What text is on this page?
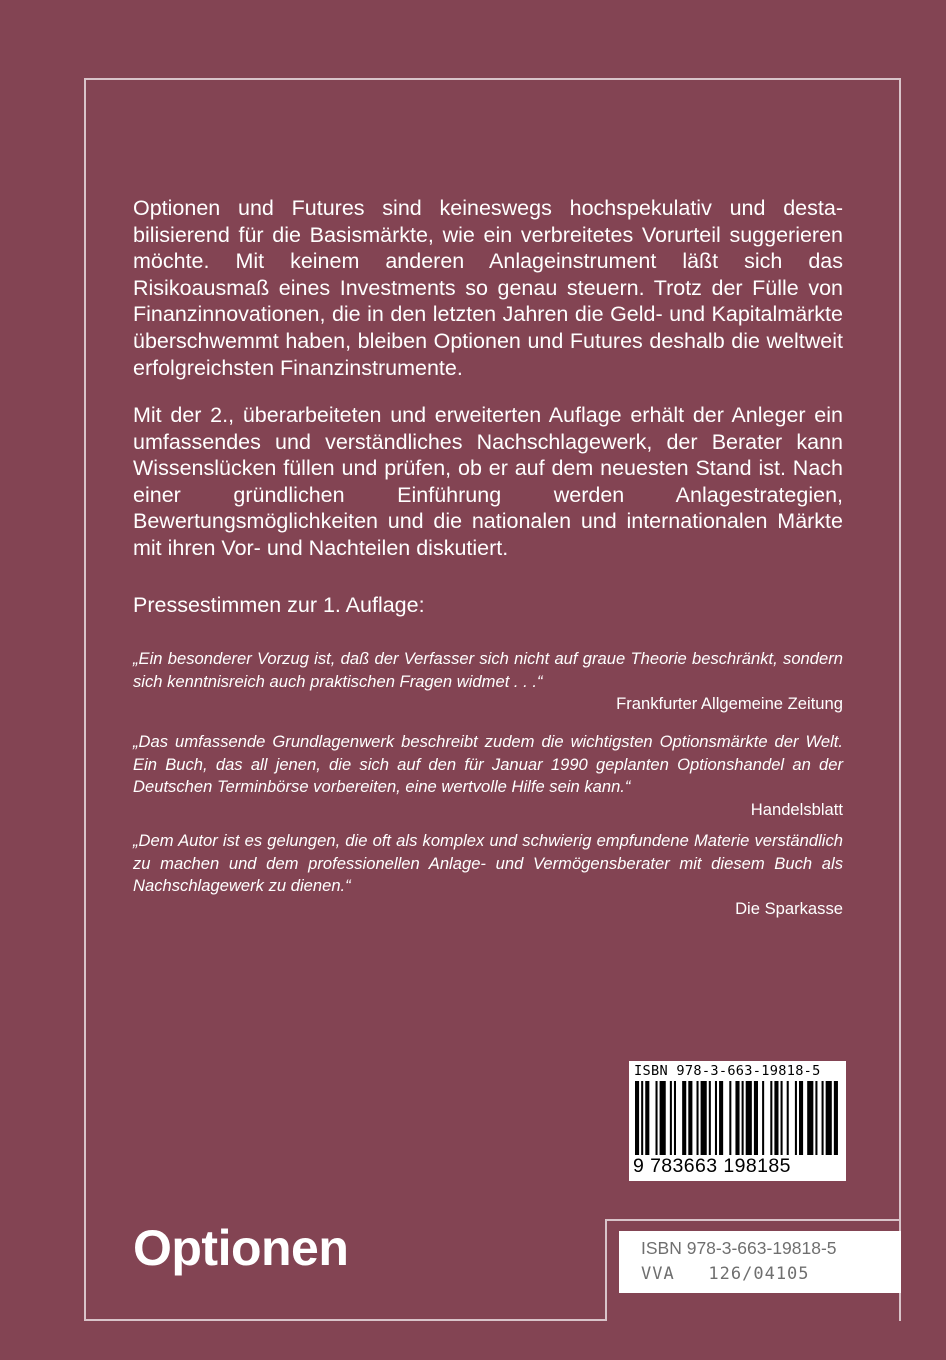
Optionen und Futures sind keineswegs hochspekulativ und destabilisierend für die Basismärkte, wie ein verbreitetes Vorurteil suggerieren möchte. Mit keinem anderen Anlageinstrument läßt sich das Risikoausmaß eines Investments so genau steuern. Trotz der Fülle von Finanzinnovationen, die in den letzten Jahren die Geld- und Kapitalmärkte überschwemmt haben, bleiben Optionen und Futures deshalb die weltweit erfolgreichsten Finanzinstrumente.

Mit der 2., überarbeiteten und erweiterten Auflage erhält der Anleger ein umfassendes und verständliches Nachschlagewerk, der Berater kann Wissenslücken füllen und prüfen, ob er auf dem neuesten Stand ist. Nach einer gründlichen Einführung werden Anlagestrategien, Bewertungsmöglichkeiten und die nationalen und internationalen Märkte mit ihren Vor- und Nachteilen diskutiert.

Pressestimmen zur 1. Auflage:

„Ein besonderer Vorzug ist, daß der Verfasser sich nicht auf graue Theorie beschränkt, sondern sich kenntnisreich auch praktischen Fragen widmet . . .“

Frankfurter Allgemeine Zeitung

„Das umfassende Grundlagenwerk beschreibt zudem die wichtigsten Optionsmärkte der Welt. Ein Buch, das all jenen, die sich auf den für Januar 1990 geplanten Optionshandel an der Deutschen Terminbörse vorbereiten, eine wertvolle Hilfe sein kann.“

Handelsblatt

„Dem Autor ist es gelungen, die oft als komplex und schwierig empfundene Materie verständlich zu machen und dem professionellen Anlage- und Vermögensberater mit diesem Buch als Nachschlagewerk zu dienen.“

Die Sparkasse

ISBN 978-3-663-19818-5
9 783663 198185
Optionen	ISBN 978-3-663-19818-5
VVA   126/04105
